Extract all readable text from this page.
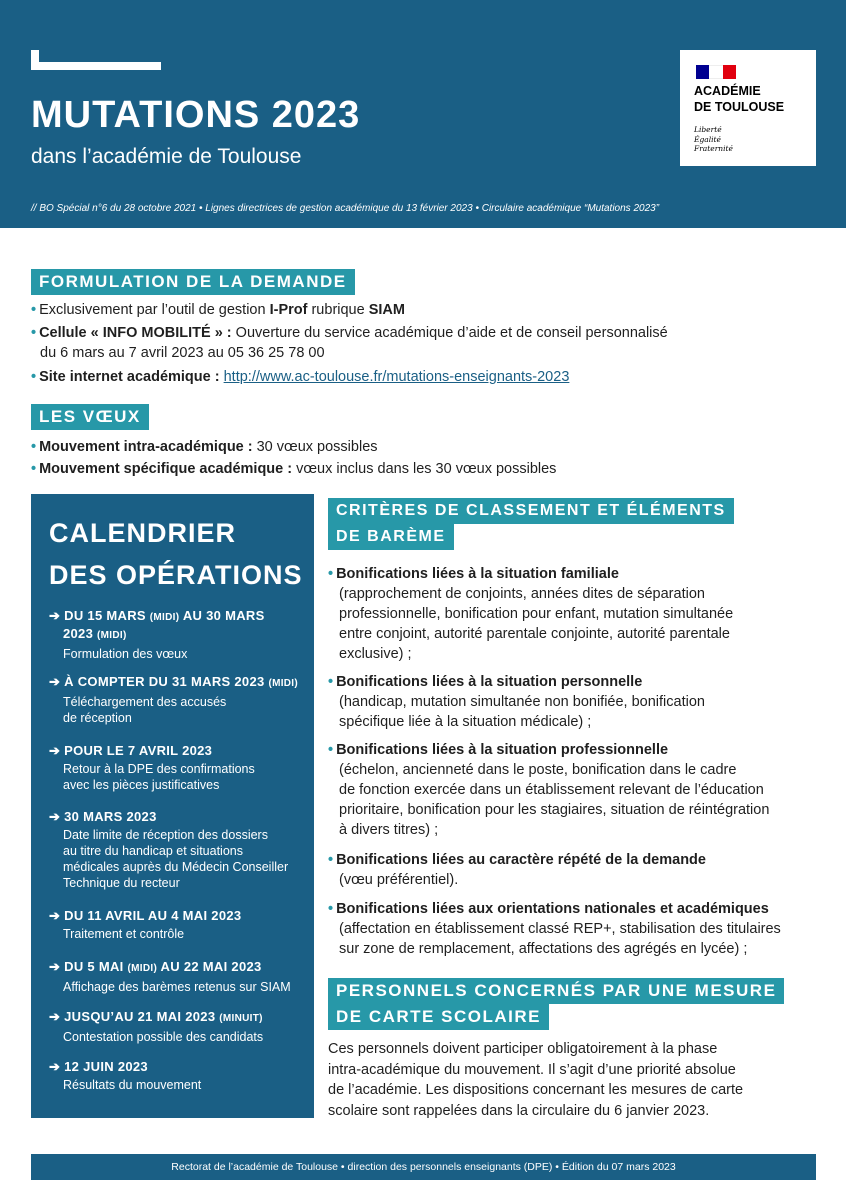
MUTATIONS 2023
dans l’académie de Toulouse
// BO Spécial n°6 du 28 octobre 2021 • Lignes directrices de gestion académique du 13 février 2023 • Circulaire académique “Mutations 2023”
ACADÉMIE
DE TOULOUSE
Liberté
Égalité
Fraternité
FORMULATION DE LA DEMANDE
• Exclusivement par l’outil de gestion I-Prof rubrique SIAM
• Cellule « INFO MOBILITÉ » : Ouverture du service académique d’aide et de conseil personnalisé
du 6 mars au 7 avril 2023 au 05 36 25 78 00
• Site internet académique : http://www.ac-toulouse.fr/mutations-enseignants-2023
LES VŒUX
• Mouvement intra-académique : 30 vœux possibles
• Mouvement spécifique académique : vœux inclus dans les 30 vœux possibles
CALENDRIER
DES OPÉRATIONS
➔ DU 15 MARS (MIDI) AU 30 MARS
2023 (MIDI)
Formulation des vœux
➔ À COMPTER DU 31 MARS 2023 (MIDI)
Téléchargement des accusés
de réception
➔ POUR LE 7 AVRIL 2023
Retour à la DPE des confirmations
avec les pièces justificatives
➔ 30 MARS 2023
Date limite de réception des dossiers
au titre du handicap et situations
médicales auprès du Médecin Conseiller
Technique du recteur
➔ DU 11 AVRIL AU 4 MAI 2023
Traitement et contrôle
➔ DU 5 MAI (MIDI) AU 22 MAI 2023
Affichage des barèmes retenus sur SIAM
➔ JUSQU’AU 21 MAI 2023 (MINUIT)
Contestation possible des candidats
➔ 12 JUIN 2023
Résultats du mouvement
CRITÈRES DE CLASSEMENT ET ÉLÉMENTS
DE BARÈME
• Bonifications liées à la situation familiale
(rapprochement de conjoints, années dites de séparation
professionnelle, bonification pour enfant, mutation simultanée
entre conjoint, autorité parentale conjointe, autorité parentale
exclusive) ;
• Bonifications liées à la situation personnelle
(handicap, mutation simultanée non bonifiée, bonification
spécifique liée à la situation médicale) ;
• Bonifications liées à la situation professionnelle
(échelon, ancienneté dans le poste, bonification dans le cadre
de fonction exercée dans un établissement relevant de l’éducation
prioritaire, bonification pour les stagiaires, situation de réintégration
à divers titres) ;
• Bonifications liées au caractère répété de la demande
(vœu préférentiel).
• Bonifications liées aux orientations nationales et académiques
(affectation en établissement classé REP+, stabilisation des titulaires
sur zone de remplacement, affectations des agrégés en lycée) ;
PERSONNELS CONCERNÉS PAR UNE MESURE
DE CARTE SCOLAIRE
Ces personnels doivent participer obligatoirement à la phase
intra-académique du mouvement. Il s’agit d’une priorité absolue
de l’académie. Les dispositions concernant les mesures de carte
scolaire sont rappelées dans la circulaire du 6 janvier 2023.
Rectorat de l’académie de Toulouse • direction des personnels enseignants (DPE) • Édition du 07 mars 2023
